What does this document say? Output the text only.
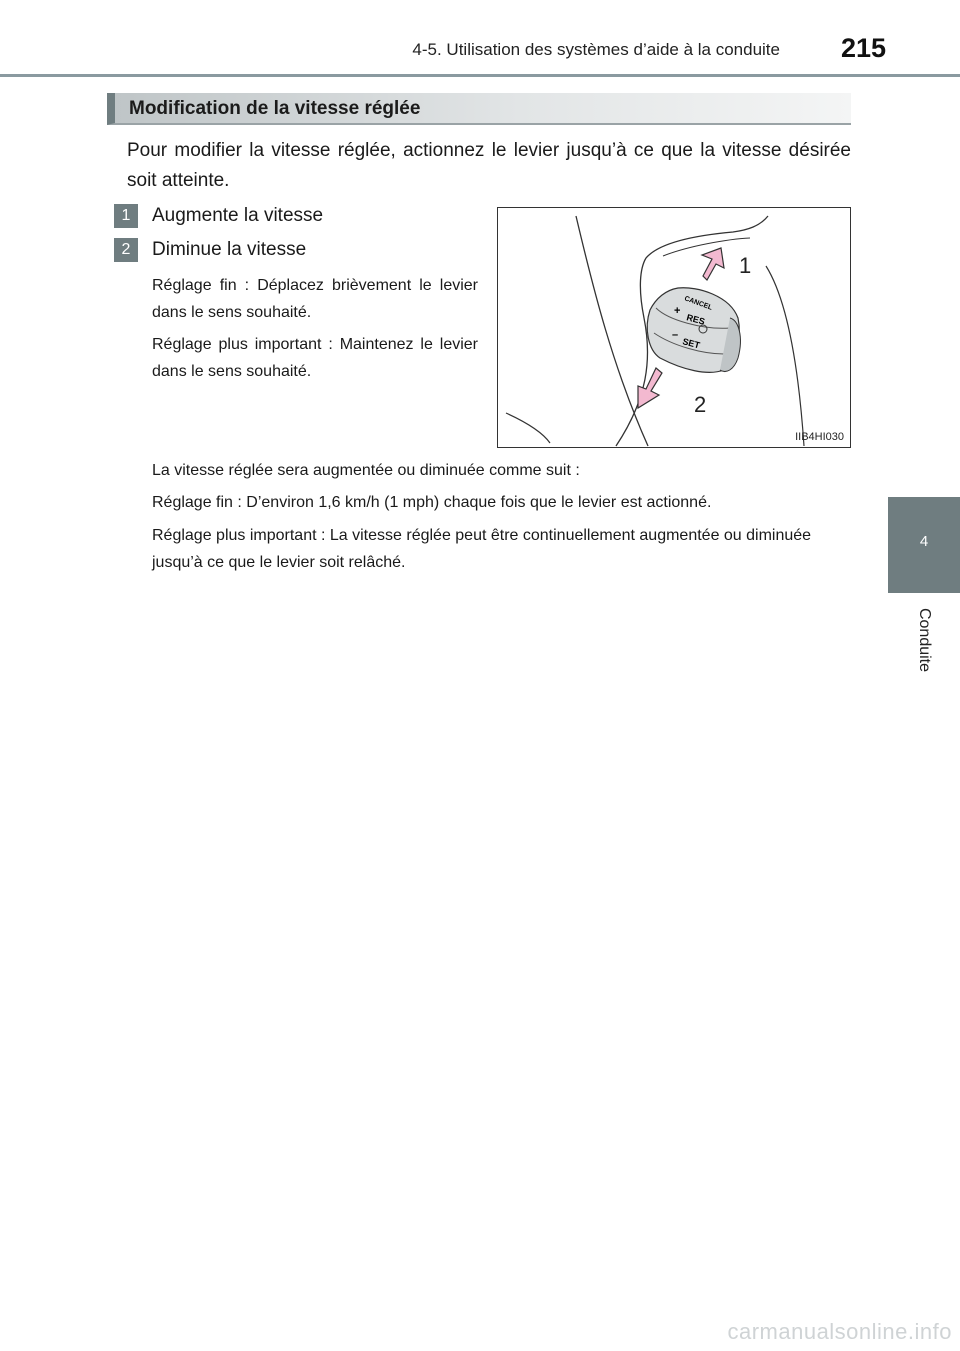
4-5. Utilisation des systèmes d’aide à la conduite 215
4
Conduite
Modification de la vitesse réglée

Pour modifier la vitesse réglée, actionnez le levier jusqu’à ce que la vitesse désirée soit atteinte.

1	Augmente la vitesse
2	Diminue la vitesse

Réglage fin : Déplacez brièvement le levier dans le sens souhaité.

Réglage plus important : Maintenez le levier dans le sens souhaité.

CANCEL
+
RES
–
SET
1
2
IIB4HI030

La vitesse réglée sera augmentée ou diminuée comme suit :

Réglage fin : D’environ 1,6 km/h (1 mph) chaque fois que le levier est actionné.

Réglage plus important : La vitesse réglée peut être continuellement augmentée ou diminuée jusqu’à ce que le levier soit relâché.

carmanualsonline.info
